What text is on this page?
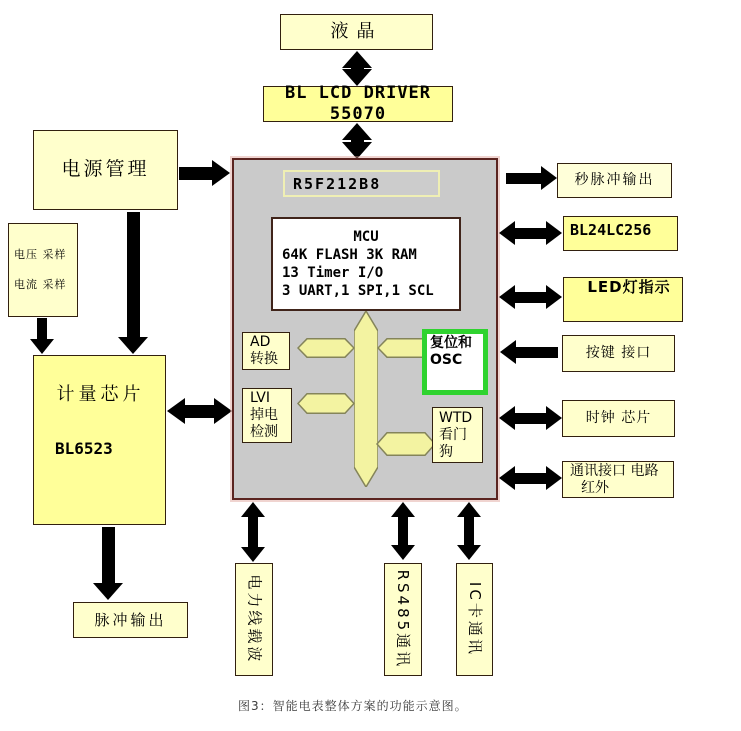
液晶
BL LCD DRIVER 55070
电源管理
电压 采样
电流 采样
计量芯片
BL6523
脉冲输出
R5F212B8
MCU
64K FLASH 3K RAM
13 Timer I/O
3 UART,1 SPI,1 SCL
AD
转换
LVI
掉电
检测
复位和
OSC
WTD
看门
狗
秒脉冲输出
BL24LC256
LED灯指示
按键 接口
时钟 芯片
通讯接口 电路
红外
电力线载波	RS485通讯	IC卡通讯
图3：智能电表整体方案的功能示意图。
